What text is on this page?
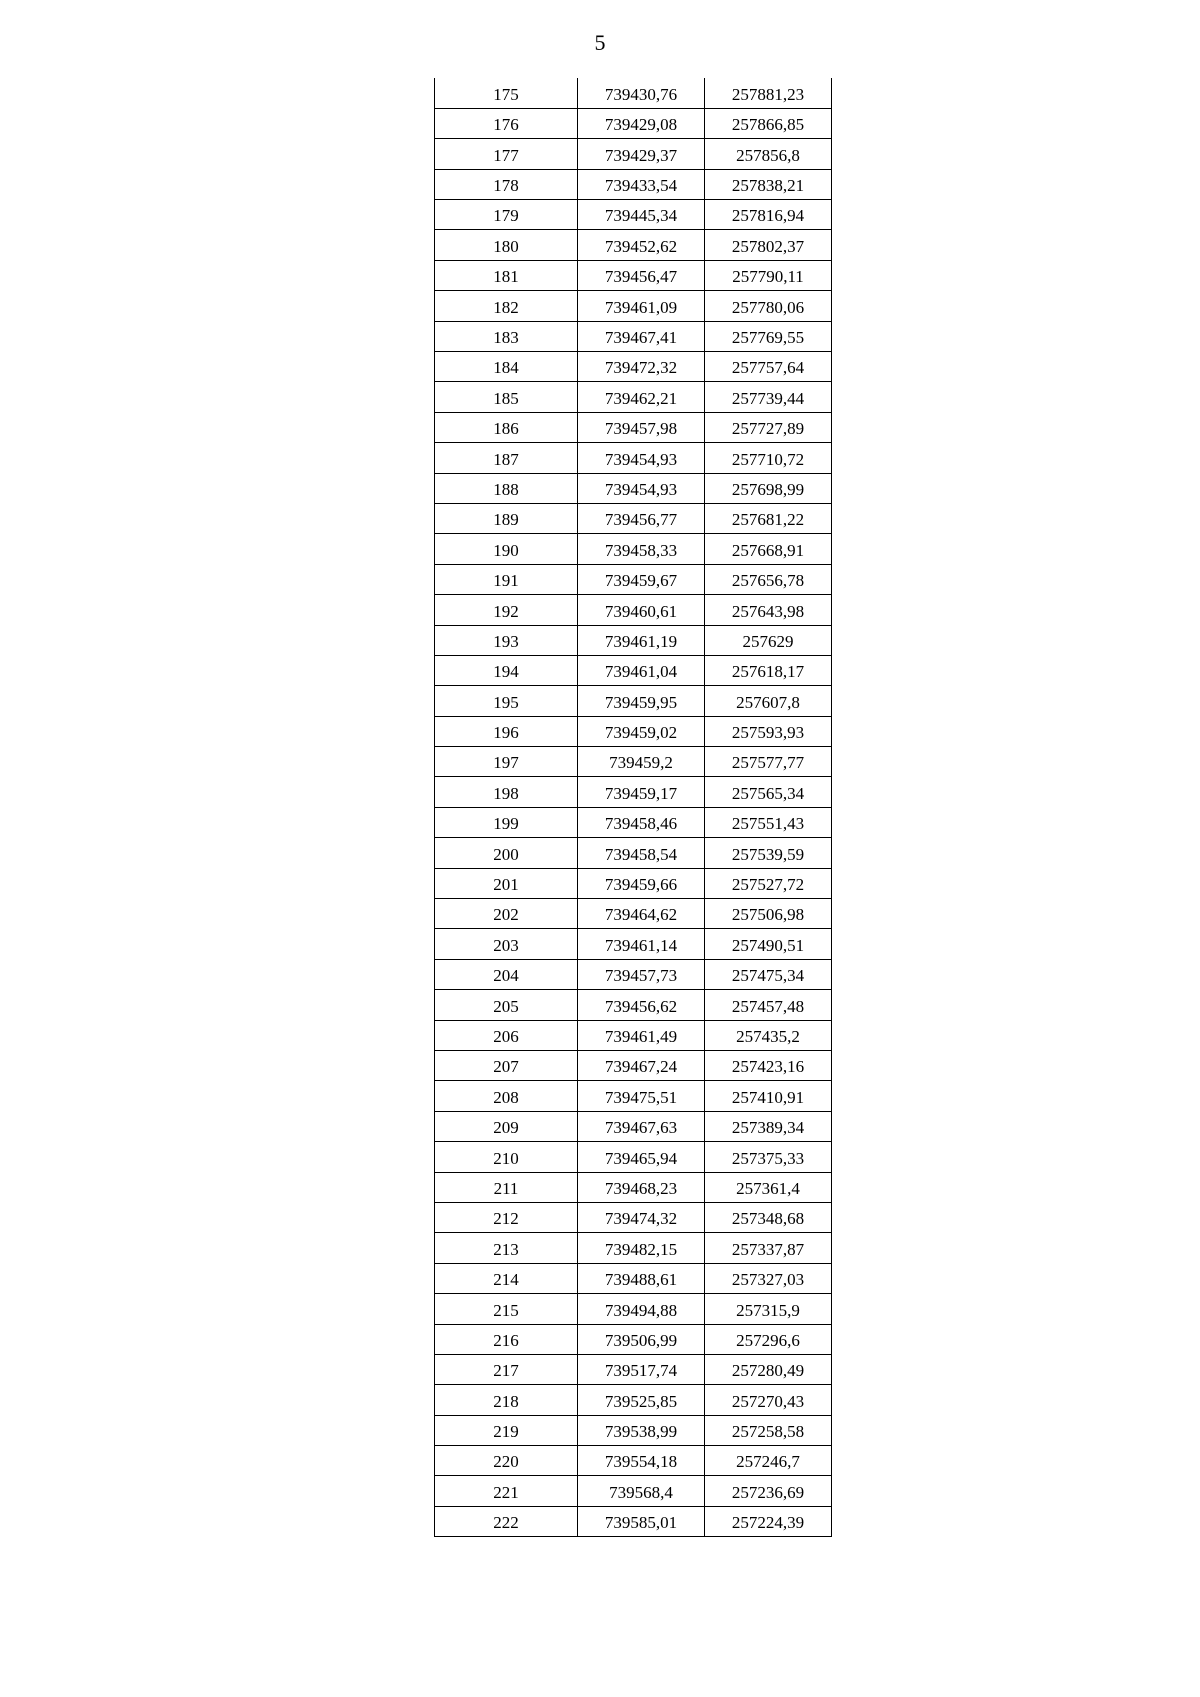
5
175	739430,76	257881,23
176	739429,08	257866,85
177	739429,37	257856,8
178	739433,54	257838,21
179	739445,34	257816,94
180	739452,62	257802,37
181	739456,47	257790,11
182	739461,09	257780,06
183	739467,41	257769,55
184	739472,32	257757,64
185	739462,21	257739,44
186	739457,98	257727,89
187	739454,93	257710,72
188	739454,93	257698,99
189	739456,77	257681,22
190	739458,33	257668,91
191	739459,67	257656,78
192	739460,61	257643,98
193	739461,19	257629
194	739461,04	257618,17
195	739459,95	257607,8
196	739459,02	257593,93
197	739459,2	257577,77
198	739459,17	257565,34
199	739458,46	257551,43
200	739458,54	257539,59
201	739459,66	257527,72
202	739464,62	257506,98
203	739461,14	257490,51
204	739457,73	257475,34
205	739456,62	257457,48
206	739461,49	257435,2
207	739467,24	257423,16
208	739475,51	257410,91
209	739467,63	257389,34
210	739465,94	257375,33
211	739468,23	257361,4
212	739474,32	257348,68
213	739482,15	257337,87
214	739488,61	257327,03
215	739494,88	257315,9
216	739506,99	257296,6
217	739517,74	257280,49
218	739525,85	257270,43
219	739538,99	257258,58
220	739554,18	257246,7
221	739568,4	257236,69
222	739585,01	257224,39
